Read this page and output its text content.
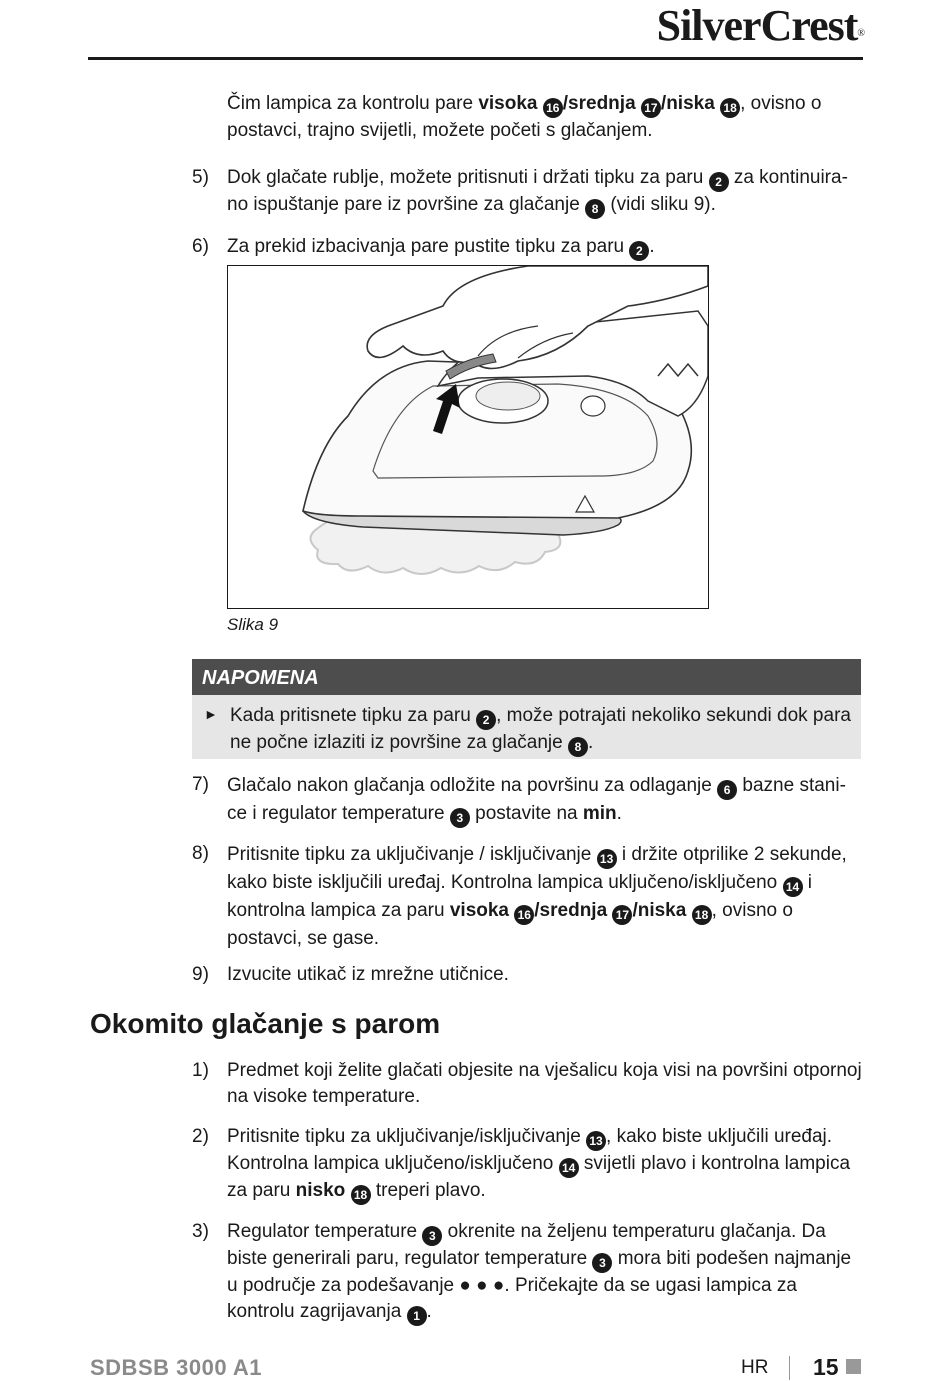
SilverCrest®
Čim lampica za kontrolu pare visoka 16 /srednja 17 /niska 18 , ovisno o postavci, trajno svijetli, možete početi s glačanjem.
5) Dok glačate rublje, možete pritisnuti i držati tipku za paru 2 za kontinuira-no ispuštanje pare iz površine za glačanje 8 (vidi sliku 9).
6) Za prekid izbacivanja pare pustite tipku za paru 2 .
Slika 9
NAPOMENA
► Kada pritisnete tipku za paru 2 , može potrajati nekoliko sekundi dok para ne počne izlaziti iz površine za glačanje 8 .
7) Glačalo nakon glačanja odložite na površinu za odlaganje 6 bazne stani-ce i regulator temperature 3 postavite na min.
8) Pritisnite tipku za uključivanje / isključivanje 13 i držite otprilike 2 sekunde, kako biste isključili uređaj. Kontrolna lampica uključeno/isključeno 14 i kontrolna lampica za paru visoka 16 /srednja 17 /niska 18 , ovisno o postavci, se gase.
9) Izvucite utikač iz mrežne utičnice.
Okomito glačanje s parom
1) Predmet koji želite glačati objesite na vješalicu koja visi na površini otpornoj na visoke temperature.
2) Pritisnite tipku za uključivanje/isključivanje 13 , kako biste uključili uređaj. Kontrolna lampica uključeno/isključeno 14 svijetli plavo i kontrolna lampica za paru nisko 18 treperi plavo.
3) Regulator temperature 3 okrenite na željenu temperaturu glačanja. Da biste generirali paru, regulator temperature 3 mora biti podešen najmanje u područje za podešavanje ● ● ●. Pričekajte da se ugasi lampica za kontrolu zagrijavanja 1 .
SDBSB 3000 A1	HR 15
